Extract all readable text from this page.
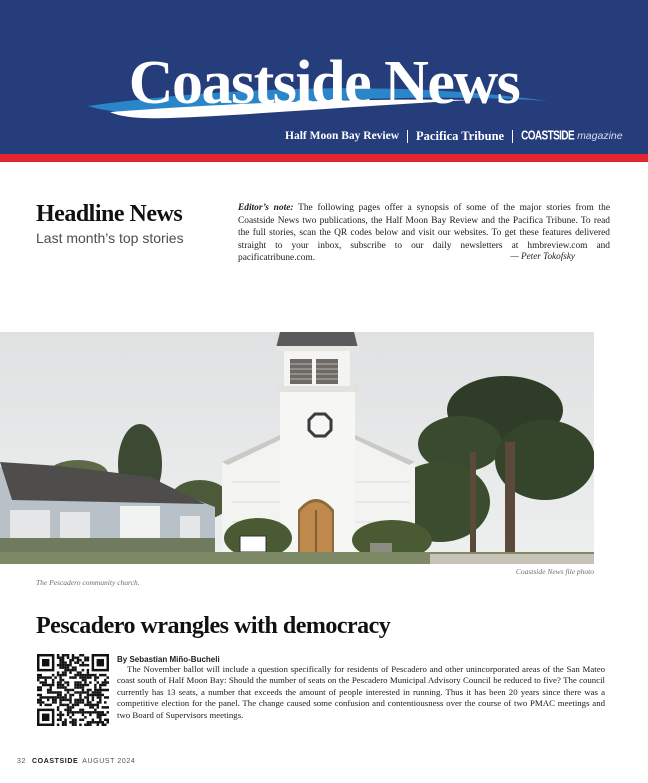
Coastside News
Half Moon Bay Review Pacifica Tribune COASTSIDE magazine
Headline News
Last month’s top stories
Editor’s note: The following pages offer a synopsis of some of the major stories from the Coastside News two publications, the Half Moon Bay Review and the Pacifica Tribune. To read the full stories, scan the QR codes below and visit our websites. To get these features delivered straight to your inbox, subscribe to our daily newsletters at hmbreview.com and pacificatribune.com.	— Peter Tokofsky
Coastside News file photo
The Pescadero community church.
Pescadero wrangles with democracy
By Sebastian Miño-Bucheli
The November ballot will include a question specifically for residents of Pescadero and other unincorporated areas of the San Mateo coast south of Half Moon Bay: Should the number of seats on the Pescadero Municipal Advisory Council be reduced to five? The council currently has 13 seats, a number that exceeds the amount of people interested in running. Thus it has been 20 years since there was a competitive election for the panel. The change caused some confusion and contentiousness over the course of two PMAC meetings and two Board of Supervisors meetings.
32 COASTSIDE AUGUST 2024
